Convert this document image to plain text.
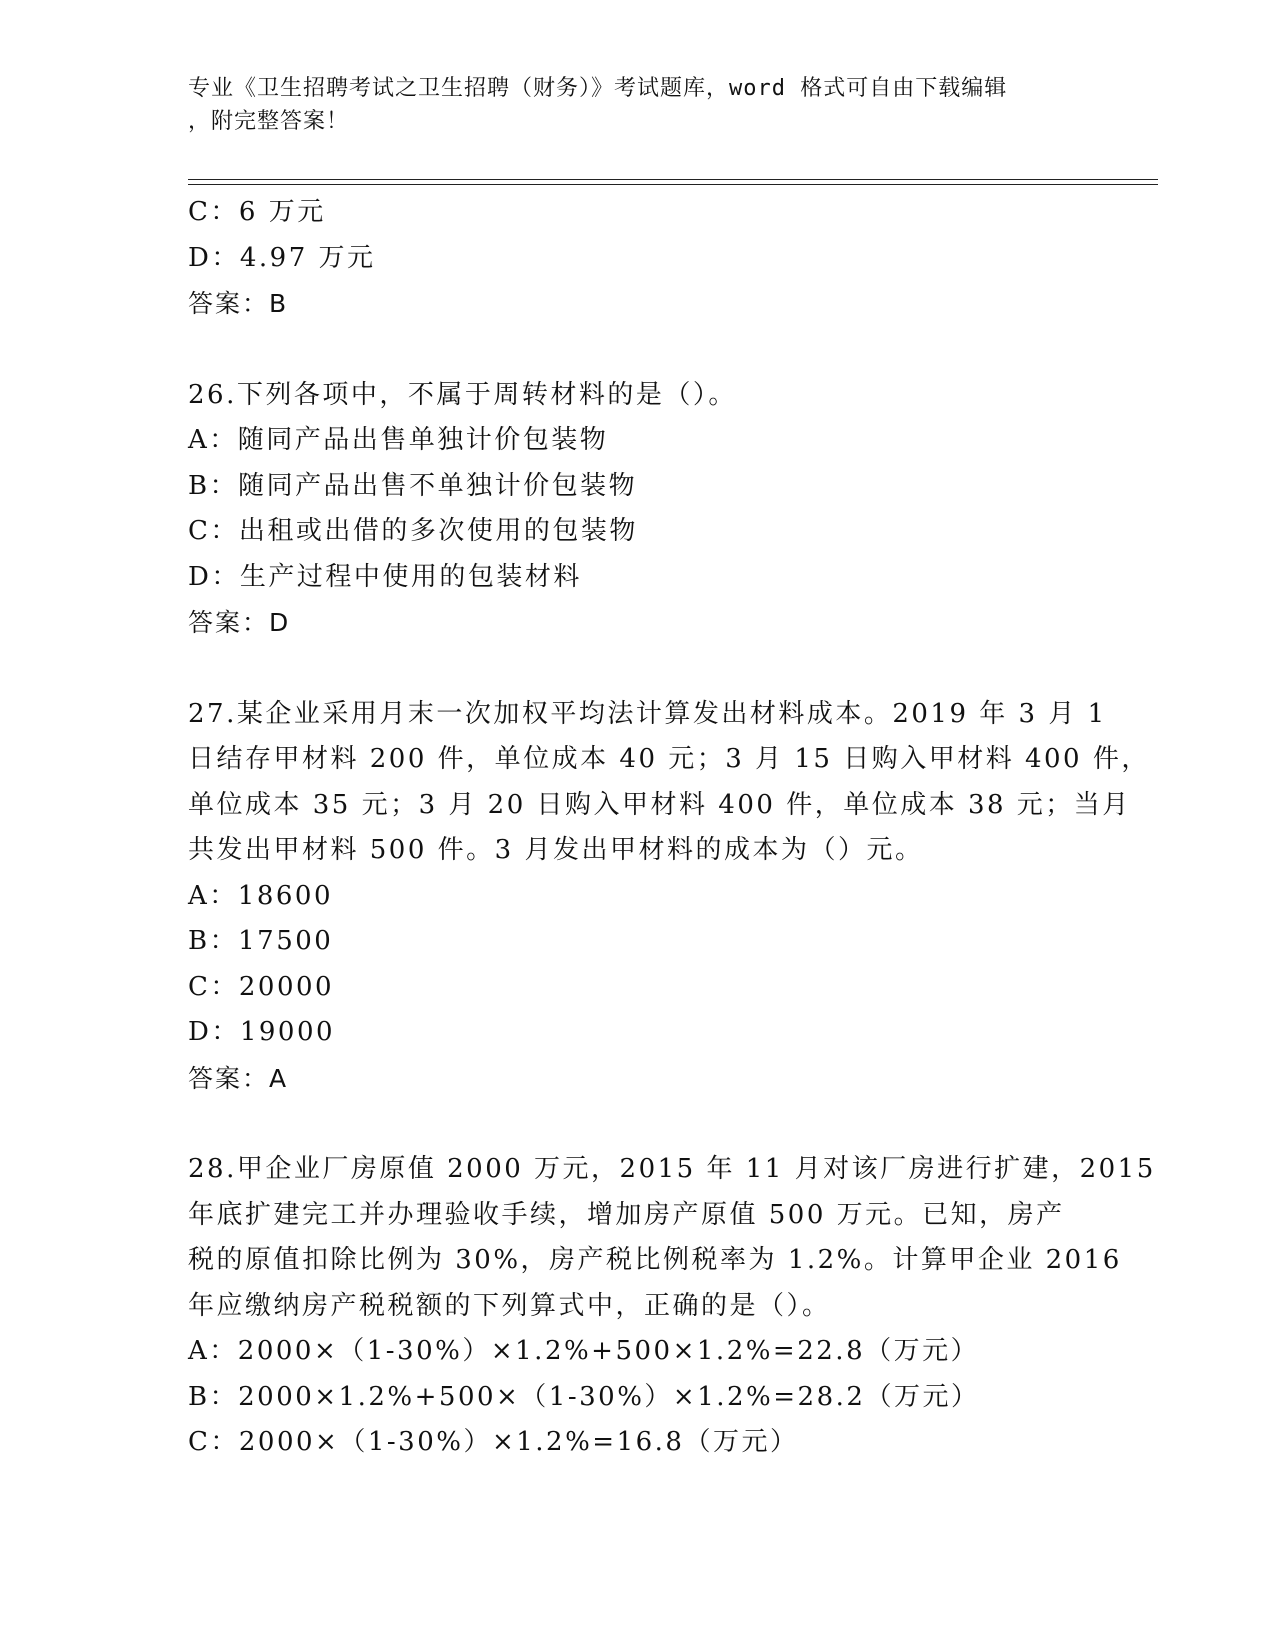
专业《卫生招聘考试之卫生招聘（财务）》考试题库，word 格式可自由下载编辑
，附完整答案！
C：6 万元
D：4.97 万元
答案：B
26.下列各项中，不属于周转材料的是（）。
A：随同产品出售单独计价包装物
B：随同产品出售不单独计价包装物
C：出租或出借的多次使用的包装物
D：生产过程中使用的包装材料
答案：D
27.某企业采用月末一次加权平均法计算发出材料成本。2019 年 3 月 1
日结存甲材料 200 件，单位成本 40 元；3 月 15 日购入甲材料 400 件，
单位成本 35 元；3 月 20 日购入甲材料 400 件，单位成本 38 元；当月
共发出甲材料 500 件。3 月发出甲材料的成本为（）元。
A：18600
B：17500
C：20000
D：19000
答案：A
28.甲企业厂房原值 2000 万元，2015 年 11 月对该厂房进行扩建，2015
年底扩建完工并办理验收手续，增加房产原值 500 万元。已知，房产
税的原值扣除比例为 30%，房产税比例税率为 1.2%。计算甲企业 2016
年应缴纳房产税税额的下列算式中，正确的是（）。
A：2000×（1-30%）×1.2%+500×1.2%=22.8（万元）
B：2000×1.2%+500×（1-30%）×1.2%=28.2（万元）
C：2000×（1-30%）×1.2%=16.8（万元）
